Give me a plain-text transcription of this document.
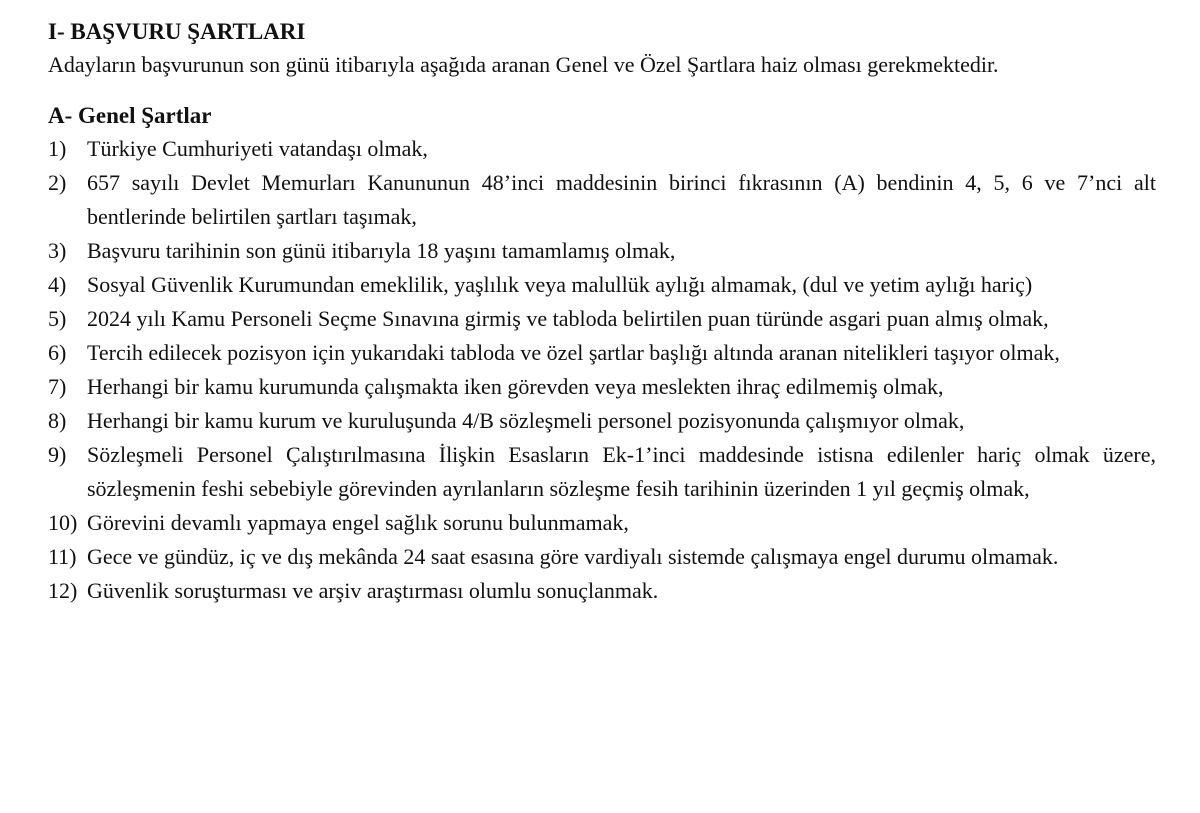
I- BAŞVURU ŞARTLARI

Adayların başvurunun son günü itibarıyla aşağıda aranan Genel ve Özel Şartlara haiz olması gerekmektedir.

A- Genel Şartlar
1) Türkiye Cumhuriyeti vatandaşı olmak,
2) 657 sayılı Devlet Memurları Kanununun 48’inci maddesinin birinci fıkrasının (A) bendinin 4, 5, 6 ve 7’nci alt bentlerinde belirtilen şartları taşımak,
3) Başvuru tarihinin son günü itibarıyla 18 yaşını tamamlamış olmak,
4) Sosyal Güvenlik Kurumundan emeklilik, yaşlılık veya malullük aylığı almamak, (dul ve yetim aylığı hariç)
5) 2024 yılı Kamu Personeli Seçme Sınavına girmiş ve tabloda belirtilen puan türünde asgari puan almış olmak,
6) Tercih edilecek pozisyon için yukarıdaki tabloda ve özel şartlar başlığı altında aranan nitelikleri taşıyor olmak,
7) Herhangi bir kamu kurumunda çalışmakta iken görevden veya meslekten ihraç edilmemiş olmak,
8) Herhangi bir kamu kurum ve kuruluşunda 4/B sözleşmeli personel pozisyonunda çalışmıyor olmak,
9) Sözleşmeli Personel Çalıştırılmasına İlişkin Esasların Ek-1’inci maddesinde istisna edilenler hariç olmak üzere, sözleşmenin feshi sebebiyle görevinden ayrılanların sözleşme fesih tarihinin üzerinden 1 yıl geçmiş olmak,
10) Görevini devamlı yapmaya engel sağlık sorunu bulunmamak,
11) Gece ve gündüz, iç ve dış mekânda 24 saat esasına göre vardiyalı sistemde çalışmaya engel durumu olmamak.
12) Güvenlik soruşturması ve arşiv araştırması olumlu sonuçlanmak.
